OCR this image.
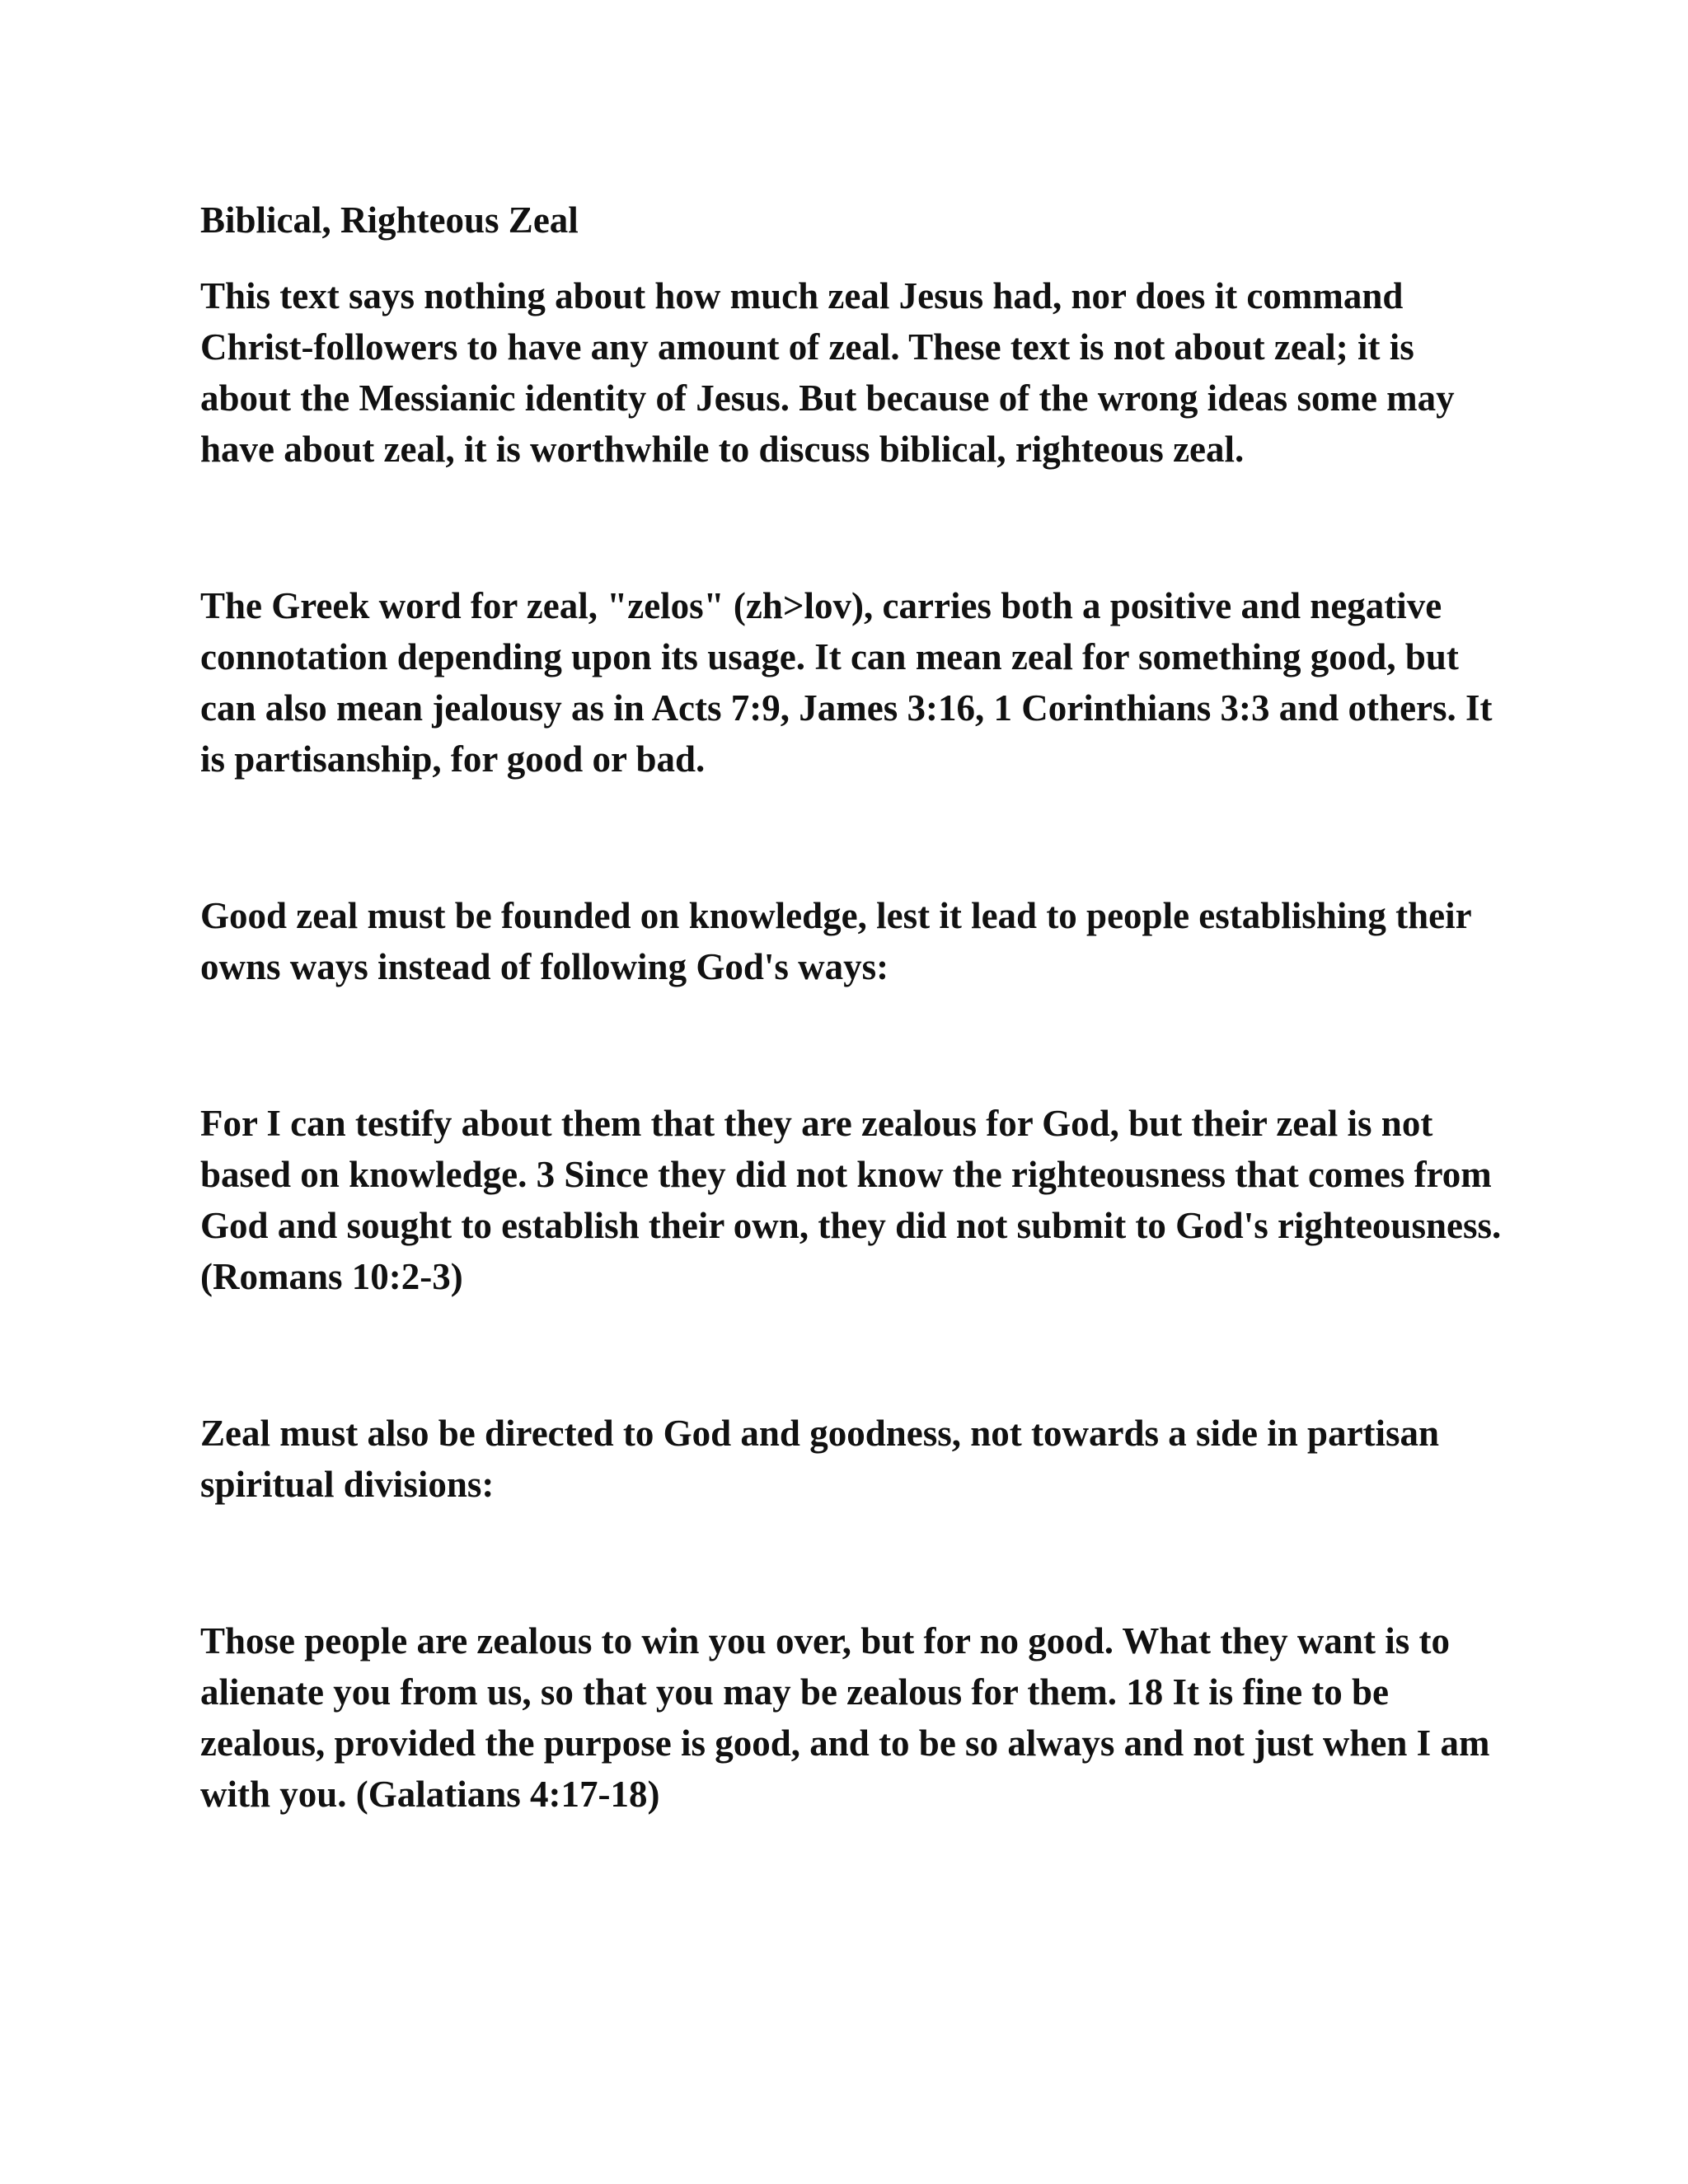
Biblical, Righteous Zeal

This text says nothing about how much zeal Jesus had, nor does it command Christ-followers to have any amount of zeal. These text is not about zeal; it is about the Messianic identity of Jesus. But because of the wrong ideas some may have about zeal, it is worthwhile to discuss biblical, righteous zeal.

The Greek word for zeal, "zelos" (zh>lov), carries both a positive and negative connotation depending upon its usage. It can mean zeal for something good, but can also mean jealousy as in Acts 7:9, James 3:16, 1 Corinthians 3:3 and others. It is partisanship, for good or bad.

Good zeal must be founded on knowledge, lest it lead to people establishing their owns ways instead of following God's ways:

For I can testify about them that they are zealous for God, but their zeal is not based on knowledge. 3 Since they did not know the righteousness that comes from God and sought to establish their own, they did not submit to God's righteousness. (Romans 10:2-3)

Zeal must also be directed to God and goodness, not towards a side in partisan spiritual divisions:

Those people are zealous to win you over, but for no good. What they want is to alienate you from us, so that you may be zealous for them. 18 It is fine to be zealous, provided the purpose is good, and to be so always and not just when I am with you. (Galatians 4:17-18)
